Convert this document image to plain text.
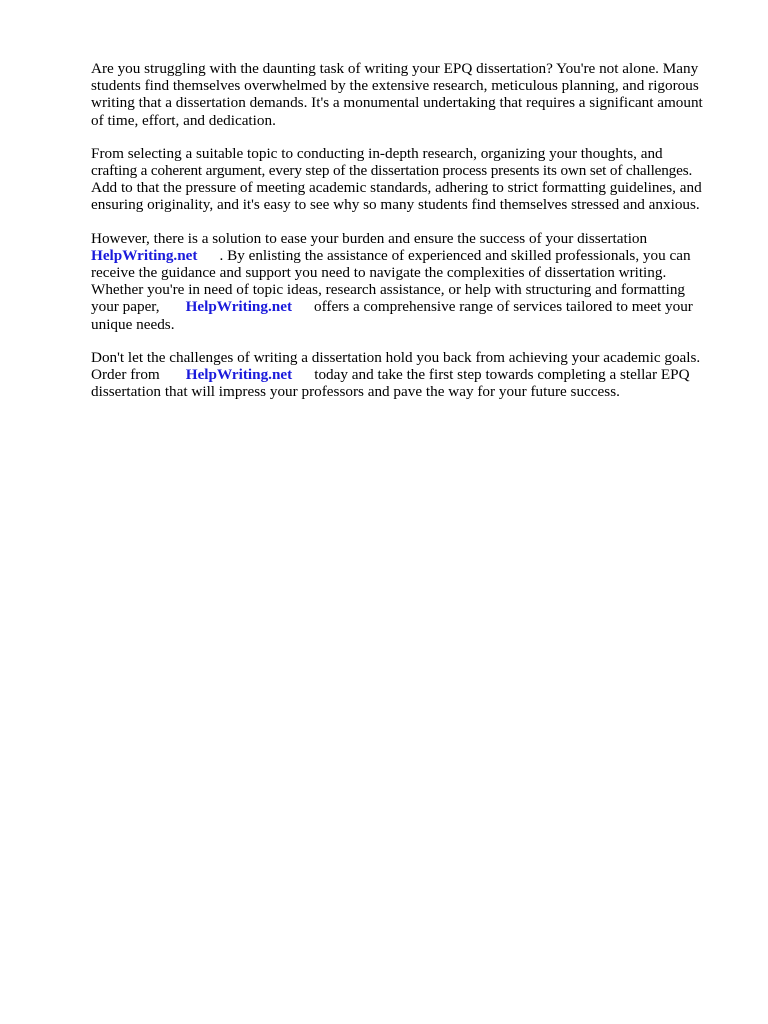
Are you struggling with the daunting task of writing your EPQ dissertation? You're not alone. Many
students find themselves overwhelmed by the extensive research, meticulous planning, and rigorous
writing that a dissertation demands. It's a monumental undertaking that requires a significant amount
of time, effort, and dedication.

From selecting a suitable topic to conducting in-depth research, organizing your thoughts, and
crafting a coherent argument, every step of the dissertation process presents its own set of challenges.
Add to that the pressure of meeting academic standards, adhering to strict formatting guidelines, and
ensuring originality, and it's easy to see why so many students find themselves stressed and anxious.

However, there is a solution to ease your burden and ensure the success of your dissertation
HelpWriting.net . By enlisting the assistance of experienced and skilled professionals, you can
receive the guidance and support you need to navigate the complexities of dissertation writing.
Whether you're in need of topic ideas, research assistance, or help with structuring and formatting
your paper, HelpWriting.net offers a comprehensive range of services tailored to meet your
unique needs.

Don't let the challenges of writing a dissertation hold you back from achieving your academic goals.
Order from HelpWriting.net today and take the first step towards completing a stellar EPQ
dissertation that will impress your professors and pave the way for your future success.
